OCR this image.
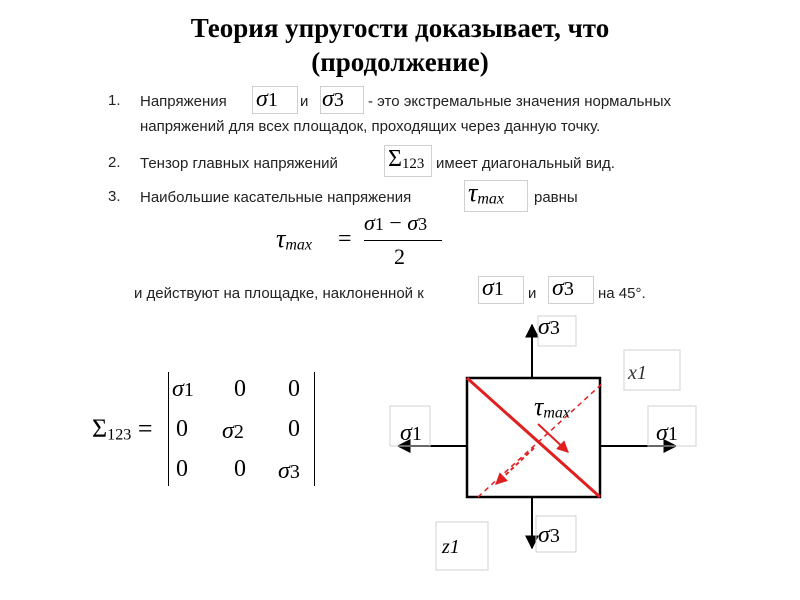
Теория упругости доказывает, что
(продолжение)
1. Напряжения σ1 и σ3 - это экстремальные значения нормальных
напряжений для всех площадок, проходящих через данную точку.
2. Тензор главных напряжений Σ123 имеет диагональный вид.
3. Наибольшие касательные напряжения τmax равны
τmax =
σ1 − σ3
2
и действуют на площадке, наклоненной к σ1 и σ3 на 45°.
Σ123 =
σ1 0 0
0 σ2 0
0 0 σ3
σ3
σ3
σ1	σ1
τmax
x1
z1
